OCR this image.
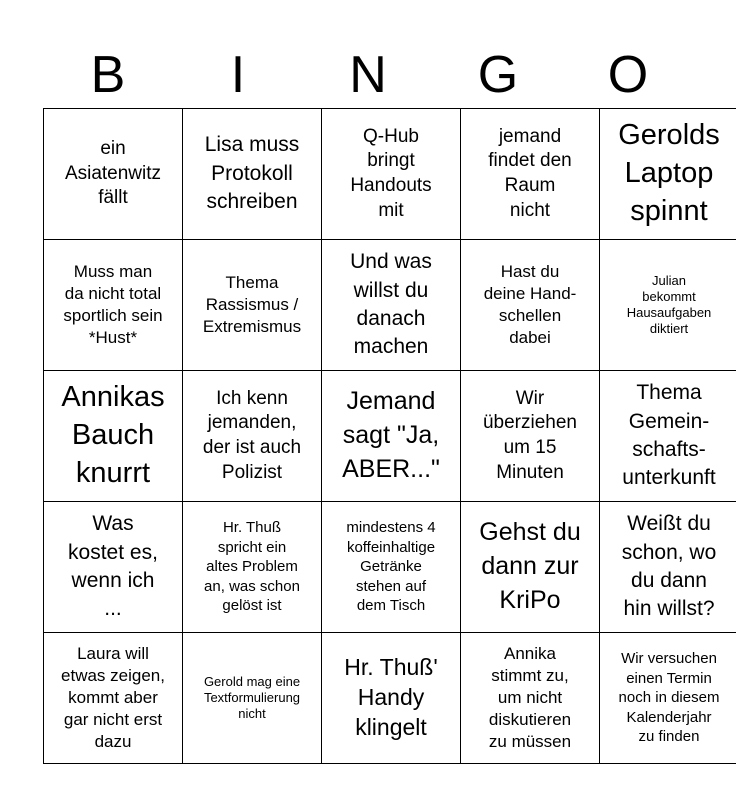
B	I	N	G	O
ein
Asiatenwitz
fällt	Lisa muss
Protokoll
schreiben	Q-Hub
bringt
Handouts
mit	jemand
findet den
Raum
nicht	Gerolds
Laptop
spinnt

Muss man
da nicht total
sportlich sein
*Hust*	Thema
Rassismus /
Extremismus	Und was
willst du
danach
machen	Hast du
deine Hand-
schellen
dabei	Julian
bekommt
Hausaufgaben
diktiert

Annikas
Bauch
knurrt	Ich kenn
jemanden,
der ist auch
Polizist	Jemand
sagt "Ja,
ABER..."	Wir
überziehen
um 15
Minuten	Thema
Gemein-
schafts-
unterkunft

Was
kostet es,
wenn ich
...	Hr. Thuß
spricht ein
altes Problem
an, was schon
gelöst ist	mindestens 4
koffeinhaltige
Getränke
stehen auf
dem Tisch	Gehst du
dann zur
KriPo	Weißt du
schon, wo
du dann
hin willst?

Laura will
etwas zeigen,
kommt aber
gar nicht erst
dazu	Gerold mag eine
Textformulierung
nicht	Hr. Thuß'
Handy
klingelt	Annika
stimmt zu,
um nicht
diskutieren
zu müssen	Wir versuchen
einen Termin
noch in diesem
Kalenderjahr
zu finden
